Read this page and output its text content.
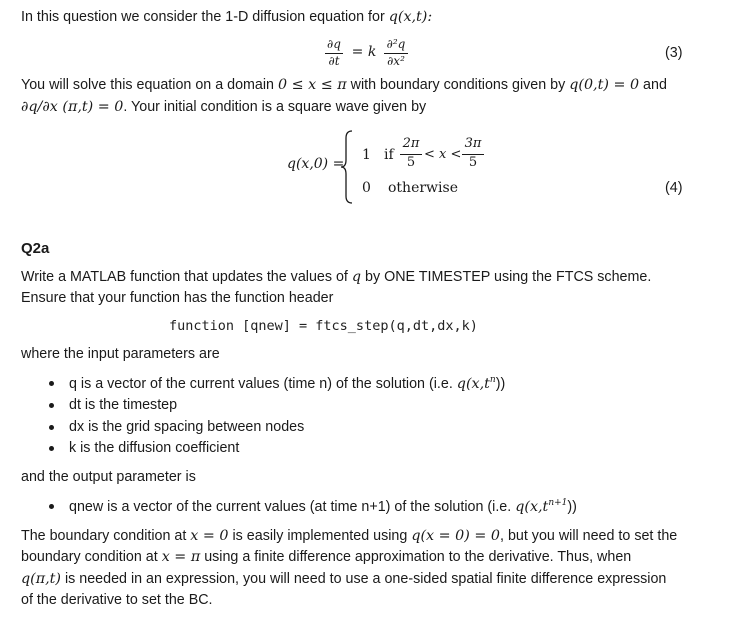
In this question we consider the 1-D diffusion equation for q(x,t):
∂q
∂t
= k ∂²q
∂x²	(3)
You will solve this equation on a domain 0 ≤ x ≤ π with boundary conditions given by q(0,t) = 0 and
∂q/∂x (π,t) = 0. Your initial condition is a square wave given by
q(x,0) =
1 if
2π
5
< x <
3π
5
0 otherwise	(4)
Q2a
Write a MATLAB function that updates the values of q by ONE TIMESTEP using the FTCS scheme.
Ensure that your function has the function header
function [qnew] = ftcs_step(q,dt,dx,k)
where the input parameters are
q is a vector of the current values (time n) of the solution (i.e. $q(x,t^n)$)
dt is the timestep
dx is the grid spacing between nodes
k is the diffusion coefficient
and the output parameter is
qnew is a vector of the current values (at time n+1) of the solution (i.e. $q(x,t^{n+1})$)
The boundary condition at x = 0 is easily implemented using q(x = 0) = 0, but you will need to set the
boundary condition at x = π using a finite difference approximation to the derivative. Thus, when
q(π,t) is needed in an expression, you will need to use a one-sided spatial finite difference expression
of the derivative to set the BC.
